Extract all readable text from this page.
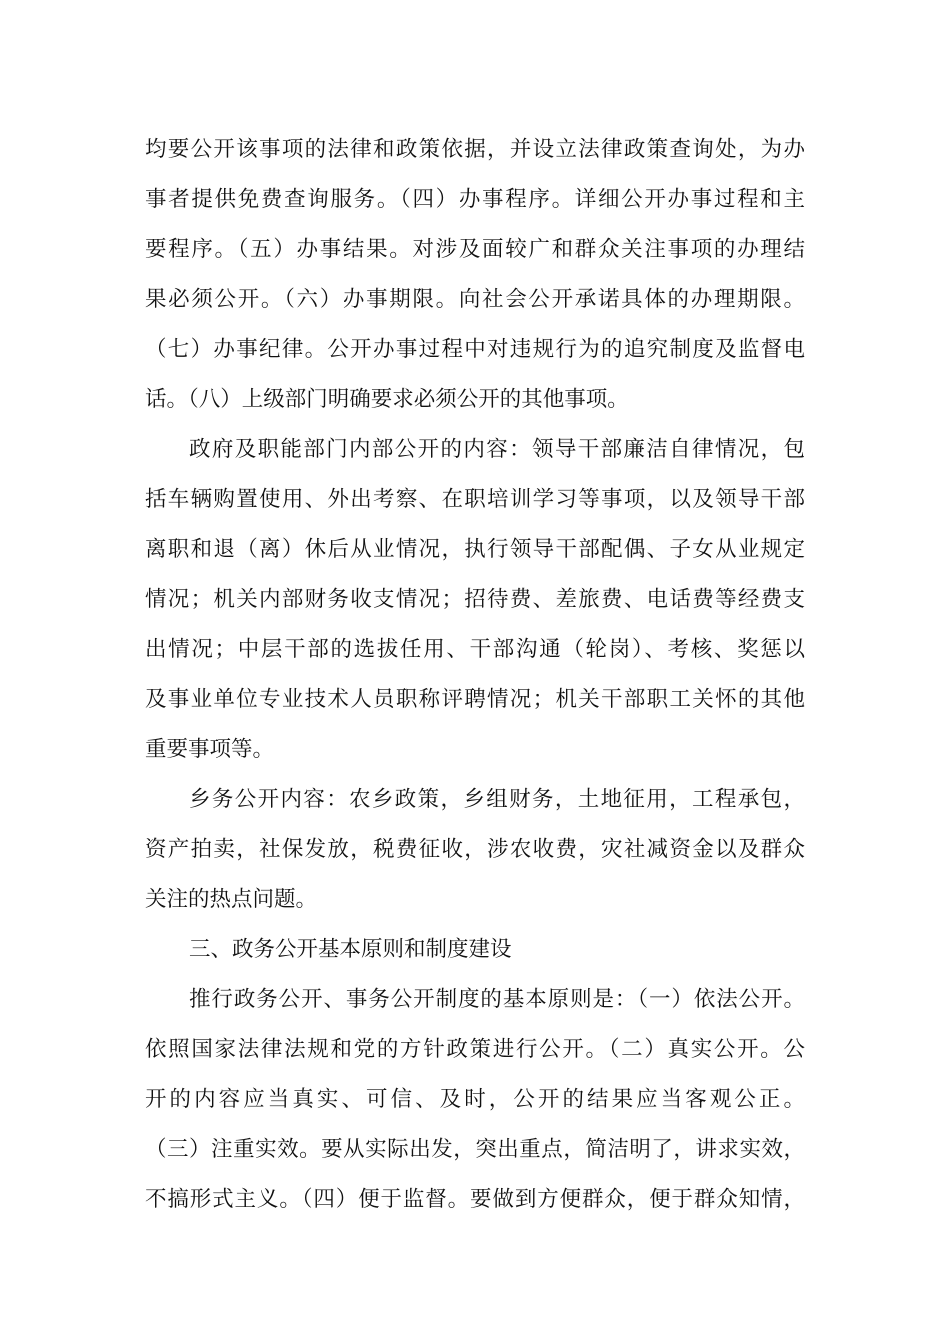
均要公开该事项的法律和政策依据，并设立法律政策查询处，为办
事者提供免费查询服务。（四）办事程序。详细公开办事过程和主
要程序。（五）办事结果。对涉及面较广和群众关注事项的办理结
果必须公开。（六）办事期限。向社会公开承诺具体的办理期限。
（七）办事纪律。公开办事过程中对违规行为的追究制度及监督电
话。（八）上级部门明确要求必须公开的其他事项。
政府及职能部门内部公开的内容：领导干部廉洁自律情况，包
括车辆购置使用、外出考察、在职培训学习等事项，以及领导干部
离职和退（离）休后从业情况，执行领导干部配偶、子女从业规定
情况；机关内部财务收支情况；招待费、差旅费、电话费等经费支
出情况；中层干部的选拔任用、干部沟通（轮岗）、考核、奖惩以
及事业单位专业技术人员职称评聘情况；机关干部职工关怀的其他
重要事项等。
乡务公开内容：农乡政策，乡组财务，土地征用，工程承包，
资产拍卖，社保发放，税费征收，涉农收费，灾社减资金以及群众
关注的热点问题。
三、政务公开基本原则和制度建设
推行政务公开、事务公开制度的基本原则是：（一）依法公开。
依照国家法律法规和党的方针政策进行公开。（二）真实公开。公
开的内容应当真实、可信、及时，公开的结果应当客观公正。
（三）注重实效。要从实际出发，突出重点，简洁明了，讲求实效，
不搞形式主义。（四）便于监督。要做到方便群众，便于群众知情，
